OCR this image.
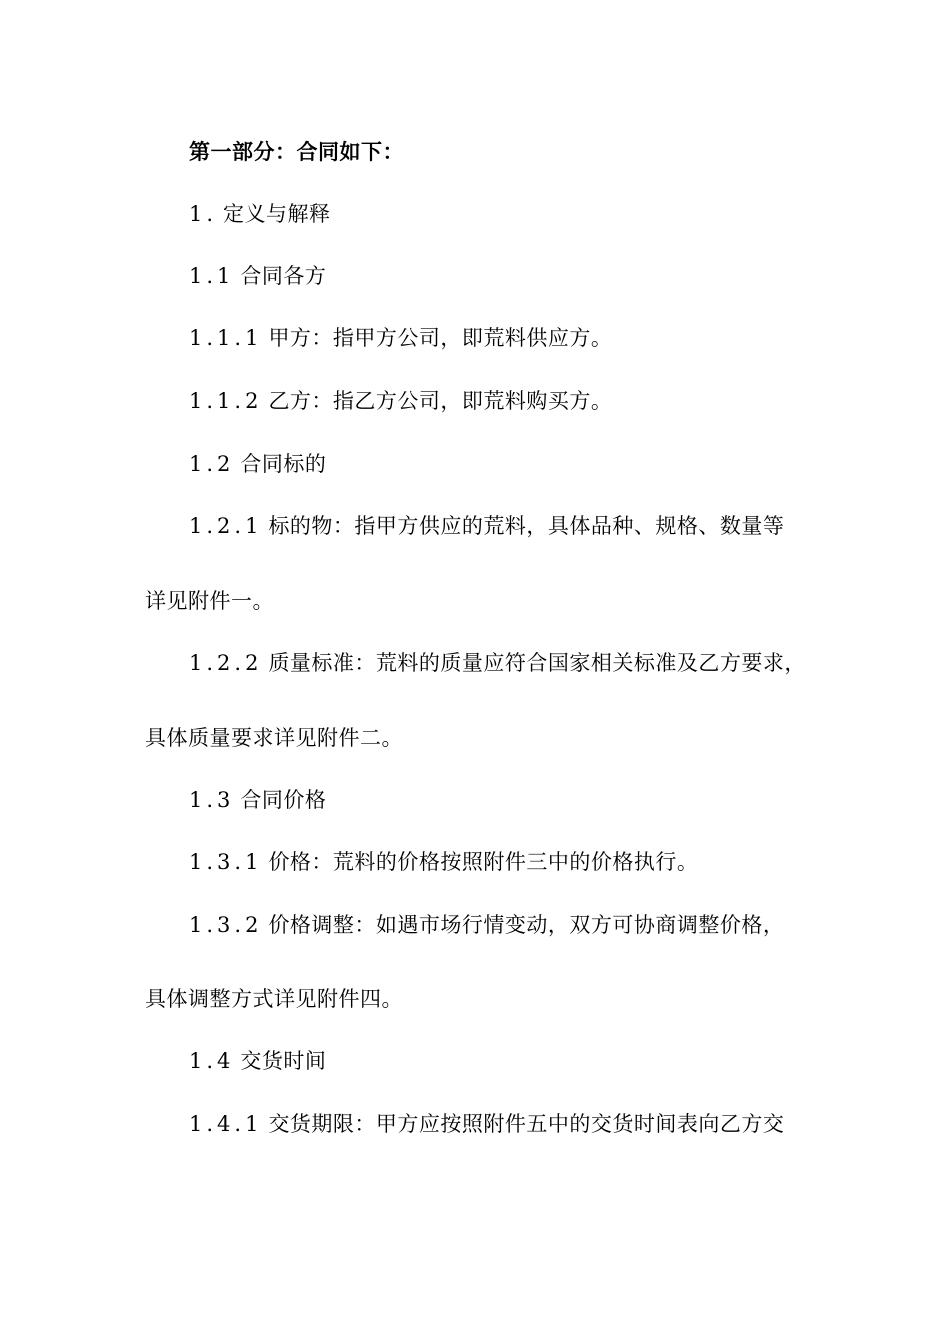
第一部分：合同如下：

1. 定义与解释

1.1 合同各方

1.1.1 甲方：指甲方公司，即荒料供应方。

1.1.2 乙方：指乙方公司，即荒料购买方。

1.2 合同标的

1.2.1 标的物：指甲方供应的荒料，具体品种、规格、数量等

详见附件一。

1.2.2 质量标准：荒料的质量应符合国家相关标准及乙方要求，

具体质量要求详见附件二。

1.3 合同价格

1.3.1 价格：荒料的价格按照附件三中的价格执行。

1.3.2 价格调整：如遇市场行情变动，双方可协商调整价格，

具体调整方式详见附件四。

1.4 交货时间

1.4.1 交货期限：甲方应按照附件五中的交货时间表向乙方交
